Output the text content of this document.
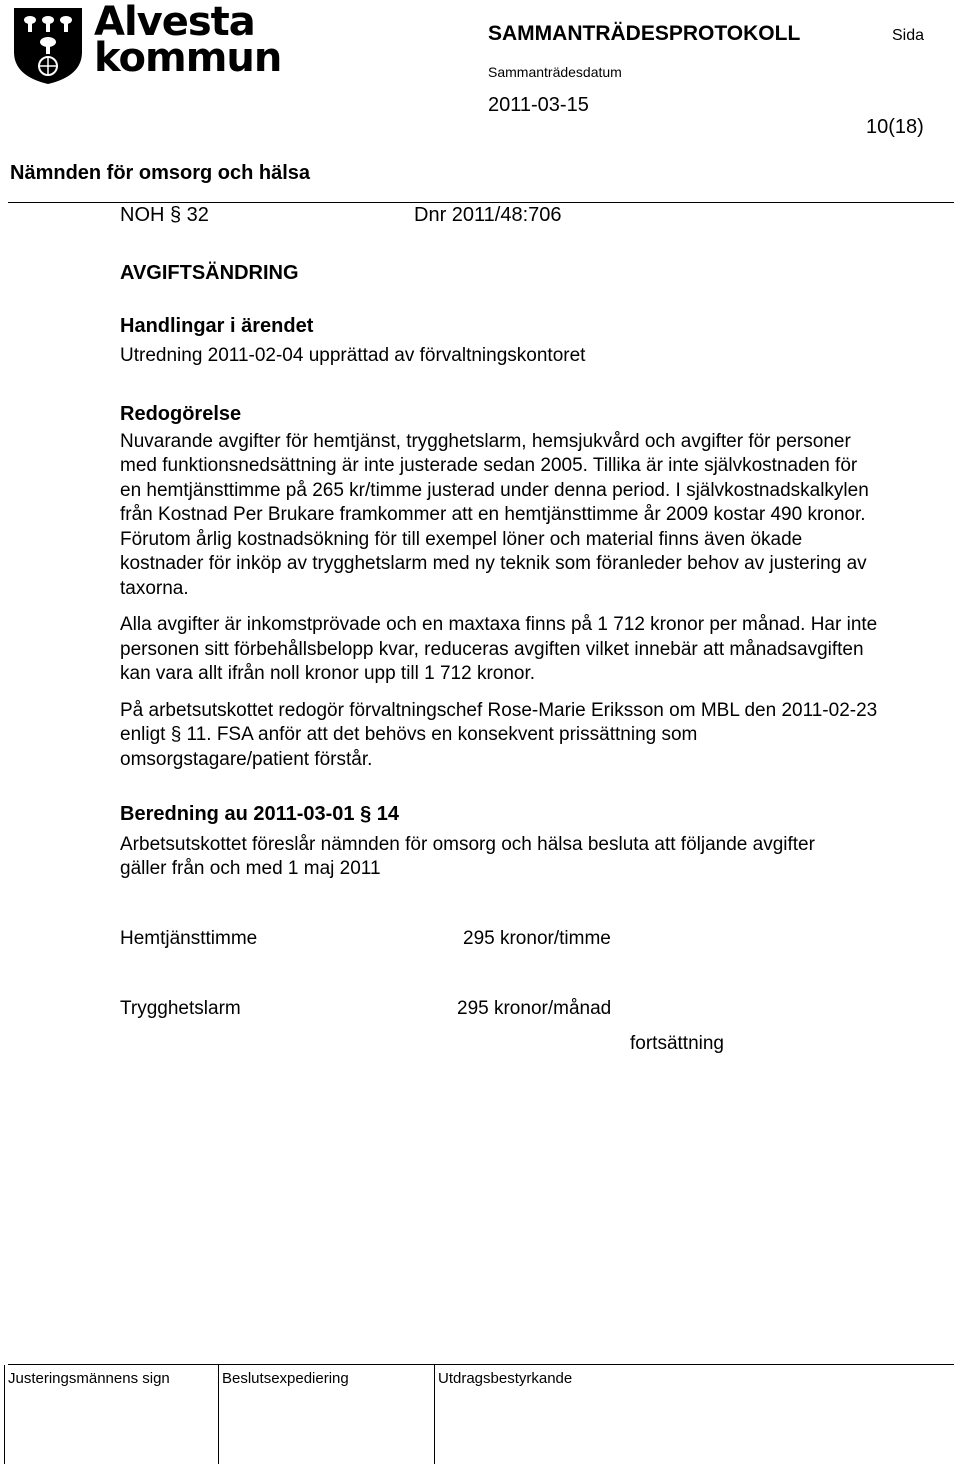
Alvesta
kommun
SAMMANTRÄDESPROTOKOLL	Sida
Sammanträdesdatum
2011-03-15
10(18)
Nämnden för omsorg och hälsa
NOH § 32	Dnr 2011/48:706
AVGIFTSÄNDRING

Handlingar i ärendet

Utredning 2011-02-04 upprättad av förvaltningskontoret

Redogörelse

Nuvarande avgifter för hemtjänst, trygghetslarm, hemsjukvård och avgifter för personer med funktionsnedsättning är inte justerade sedan 2005. Tillika är inte självkostnaden för en hemtjänsttimme på 265 kr/timme justerad under denna period. I självkostnadskalkylen från Kostnad Per Brukare framkommer att en hemtjänsttimme år 2009 kostar 490 kronor. Förutom årlig kostnadsökning för till exempel löner och material finns även ökade kostnader för inköp av trygghetslarm med ny teknik som föranleder behov av justering av taxorna.

Alla avgifter är inkomstprövade och en maxtaxa finns på 1 712 kronor per månad. Har inte personen sitt förbehållsbelopp kvar, reduceras avgiften vilket innebär att månadsavgiften kan vara allt ifrån noll kronor upp till 1 712 kronor.

På arbetsutskottet redogör förvaltningschef Rose-Marie Eriksson om MBL den 2011-02-23 enligt § 11. FSA anför att det behövs en konsekvent prissättning som omsorgstagare/patient förstår.

Beredning au 2011-03-01 § 14

Arbetsutskottet föreslår nämnden för omsorg och hälsa besluta att följande avgifter gäller från och med 1 maj 2011

Hemtjänsttimme	295 kronor/timme
Trygghetslarm	295 kronor/månad
fortsättning
Justeringsmännens sign	Beslutsexpediering	Utdragsbestyrkande
